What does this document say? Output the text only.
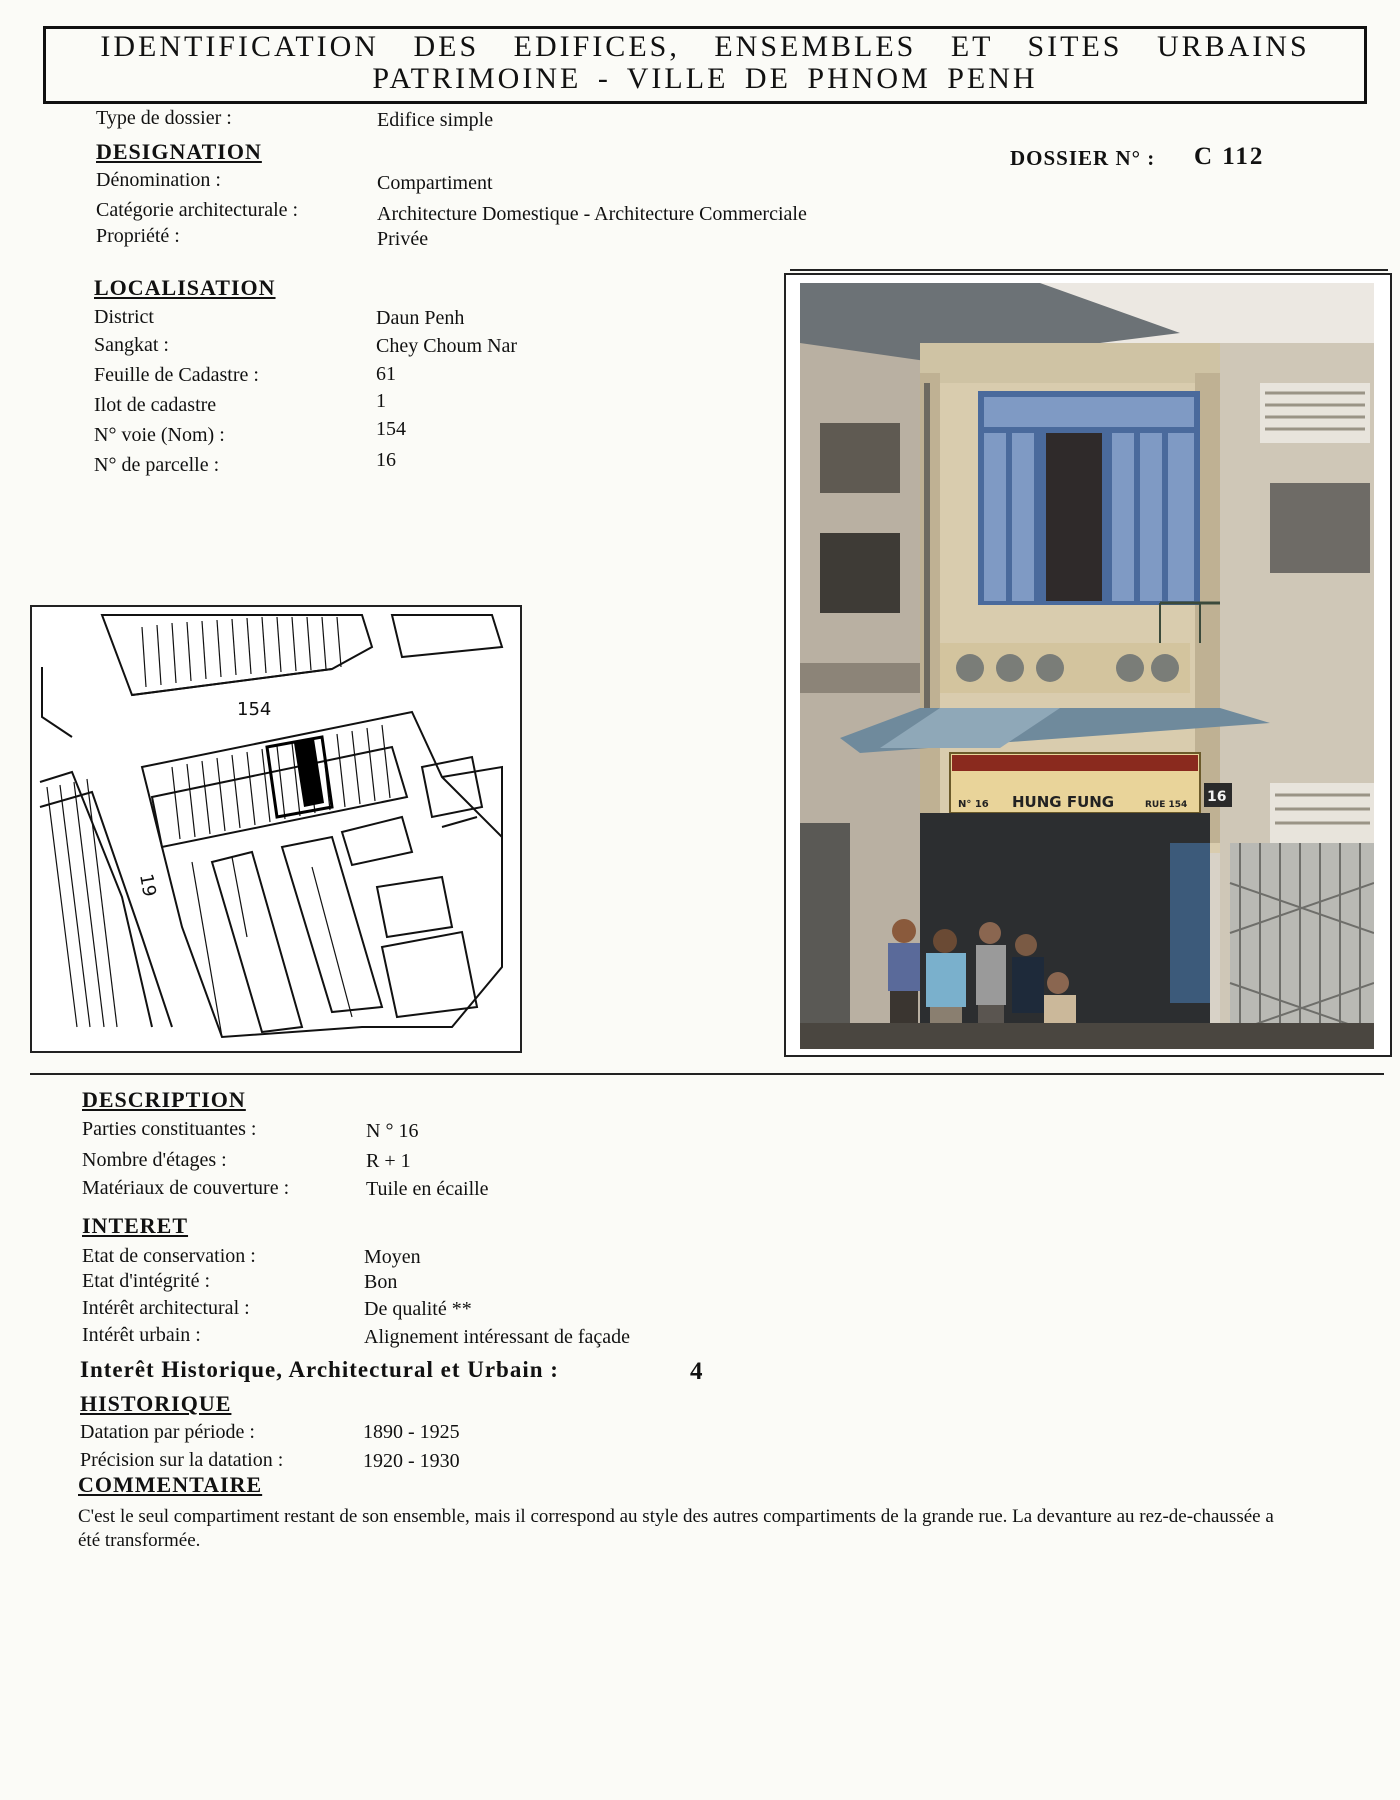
IDENTIFICATION DES EDIFICES, ENSEMBLES ET SITES URBAINS
PATRIMOINE - VILLE DE PHNOM PENH
Type de dossier :	Edifice simple
DOSSIER N° : C 112
DESIGNATION
Dénomination :	Compartiment
Catégorie architecturale :	Architecture Domestique - Architecture Commerciale
Propriété :	Privée
LOCALISATION
District	Daun Penh
Sangkat :	Chey Choum Nar
Feuille de Cadastre :	61
Ilot de cadastre	1
N° voie (Nom) :	154
N° de parcelle :	16
154
19
N° 16 HUNG FUNG	RUE 154 16
DESCRIPTION
Parties constituantes :	N ° 16
Nombre d'étages :	R + 1
Matériaux de couverture :	Tuile en écaille
INTERET
Etat de conservation :	Moyen
Etat d'intégrité :	Bon
Intérêt architectural :	De qualité **
Intérêt urbain :	Alignement intéressant de façade
Interêt Historique, Architectural et Urbain :	4
HISTORIQUE
Datation par période :	1890 - 1925
Précision sur la datation :	1920 - 1930
COMMENTAIRE
C'est le seul compartiment restant de son ensemble, mais il correspond au style des autres compartiments de la grande rue. La devanture au rez-de-chaussée a été transformée.
